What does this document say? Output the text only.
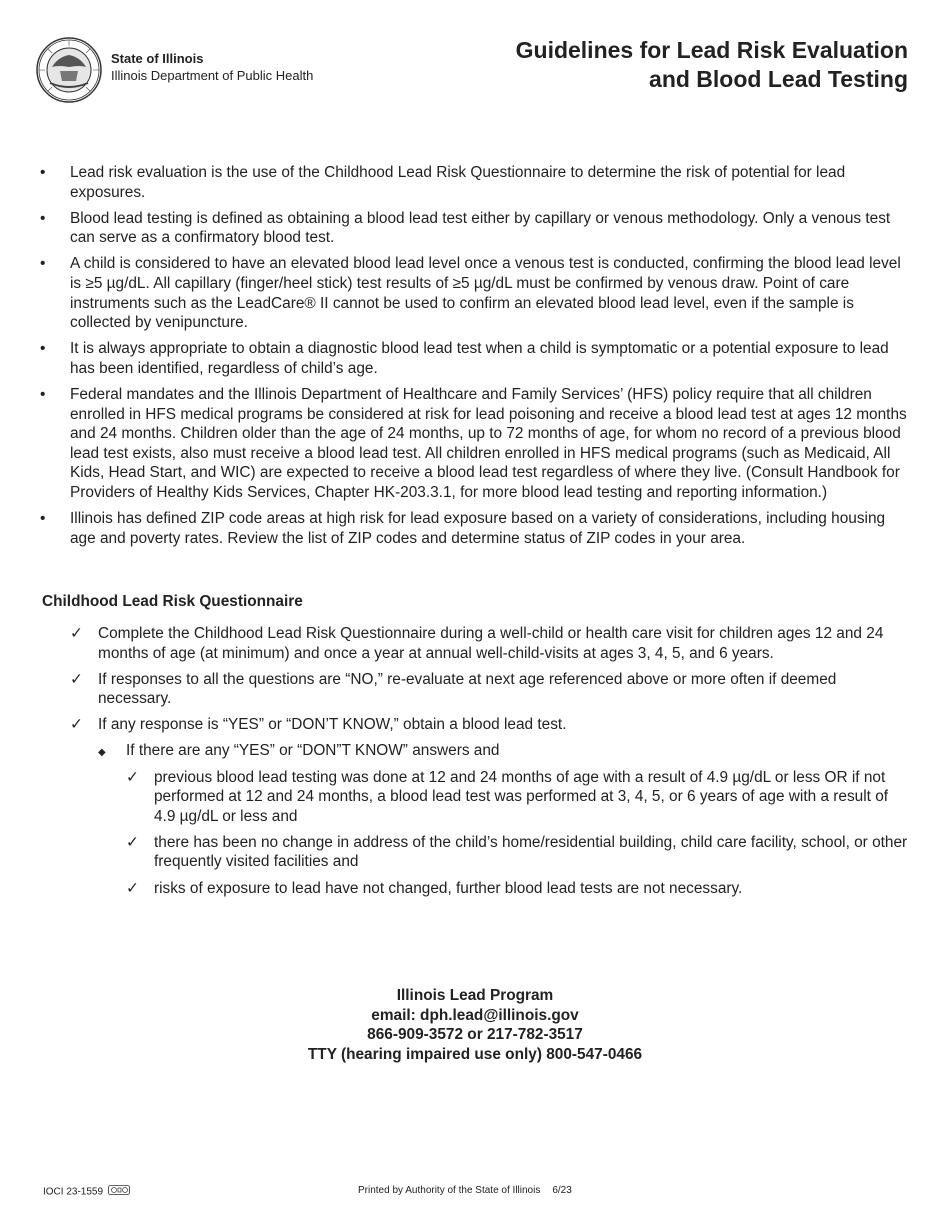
State of Illinois
Illinois Department of Public Health
Guidelines for Lead Risk Evaluation
and Blood Lead Testing
• Lead risk evaluation is the use of the Childhood Lead Risk Questionnaire to determine the risk of potential for lead exposures.
• Blood lead testing is defined as obtaining a blood lead test either by capillary or venous methodology. Only a venous test can serve as a confirmatory blood test.
• A child is considered to have an elevated blood lead level once a venous test is conducted, confirming the blood lead level is ≥5 µg/dL. All capillary (finger/heel stick) test results of ≥5 µg/dL must be confirmed by venous draw. Point of care instruments such as the LeadCare® II cannot be used to confirm an elevated blood lead level, even if the sample is collected by venipuncture.
• It is always appropriate to obtain a diagnostic blood lead test when a child is symptomatic or a potential exposure to lead has been identified, regardless of child’s age.
• Federal mandates and the Illinois Department of Healthcare and Family Services’ (HFS) policy require that all children enrolled in HFS medical programs be considered at risk for lead poisoning and receive a blood lead test at ages 12 months and 24 months. Children older than the age of 24 months, up to 72 months of age, for whom no record of a previous blood lead test exists, also must receive a blood lead test. All children enrolled in HFS medical programs (such as Medicaid, All Kids, Head Start, and WIC) are expected to receive a blood lead test regardless of where they live. (Consult Handbook for Providers of Healthy Kids Services, Chapter HK-203.3.1, for more blood lead testing and reporting information.)
• Illinois has defined ZIP code areas at high risk for lead exposure based on a variety of considerations, including housing age and poverty rates. Review the list of ZIP codes and determine status of ZIP codes in your area.
Childhood Lead Risk Questionnaire
✓ Complete the Childhood Lead Risk Questionnaire during a well-child or health care visit for children ages 12 and 24 months of age (at minimum) and once a year at annual well-child-visits at ages 3, 4, 5, and 6 years.
✓ If responses to all the questions are “NO,” re-evaluate at next age referenced above or more often if deemed necessary.
✓ If any response is “YES” or “DON’T KNOW,” obtain a blood lead test.
◆ If there are any “YES” or “DON”T KNOW” answers and
✓ previous blood lead testing was done at 12 and 24 months of age with a result of 4.9 µg/dL or less OR if not performed at 12 and 24 months, a blood lead test was performed at 3, 4, 5, or 6 years of age with a result of 4.9 µg/dL or less and
✓ there has been no change in address of the child’s home/residential building, child care facility, school, or other frequently visited facilities and
✓ risks of exposure to lead have not changed, further blood lead tests are not necessary.
Illinois Lead Program
email: dph.lead@illinois.gov
866-909-3572 or 217-782-3517
TTY (hearing impaired use only) 800-547-0466
IOCI 23-1559	Printed by Authority of the State of Illinois 6/23
